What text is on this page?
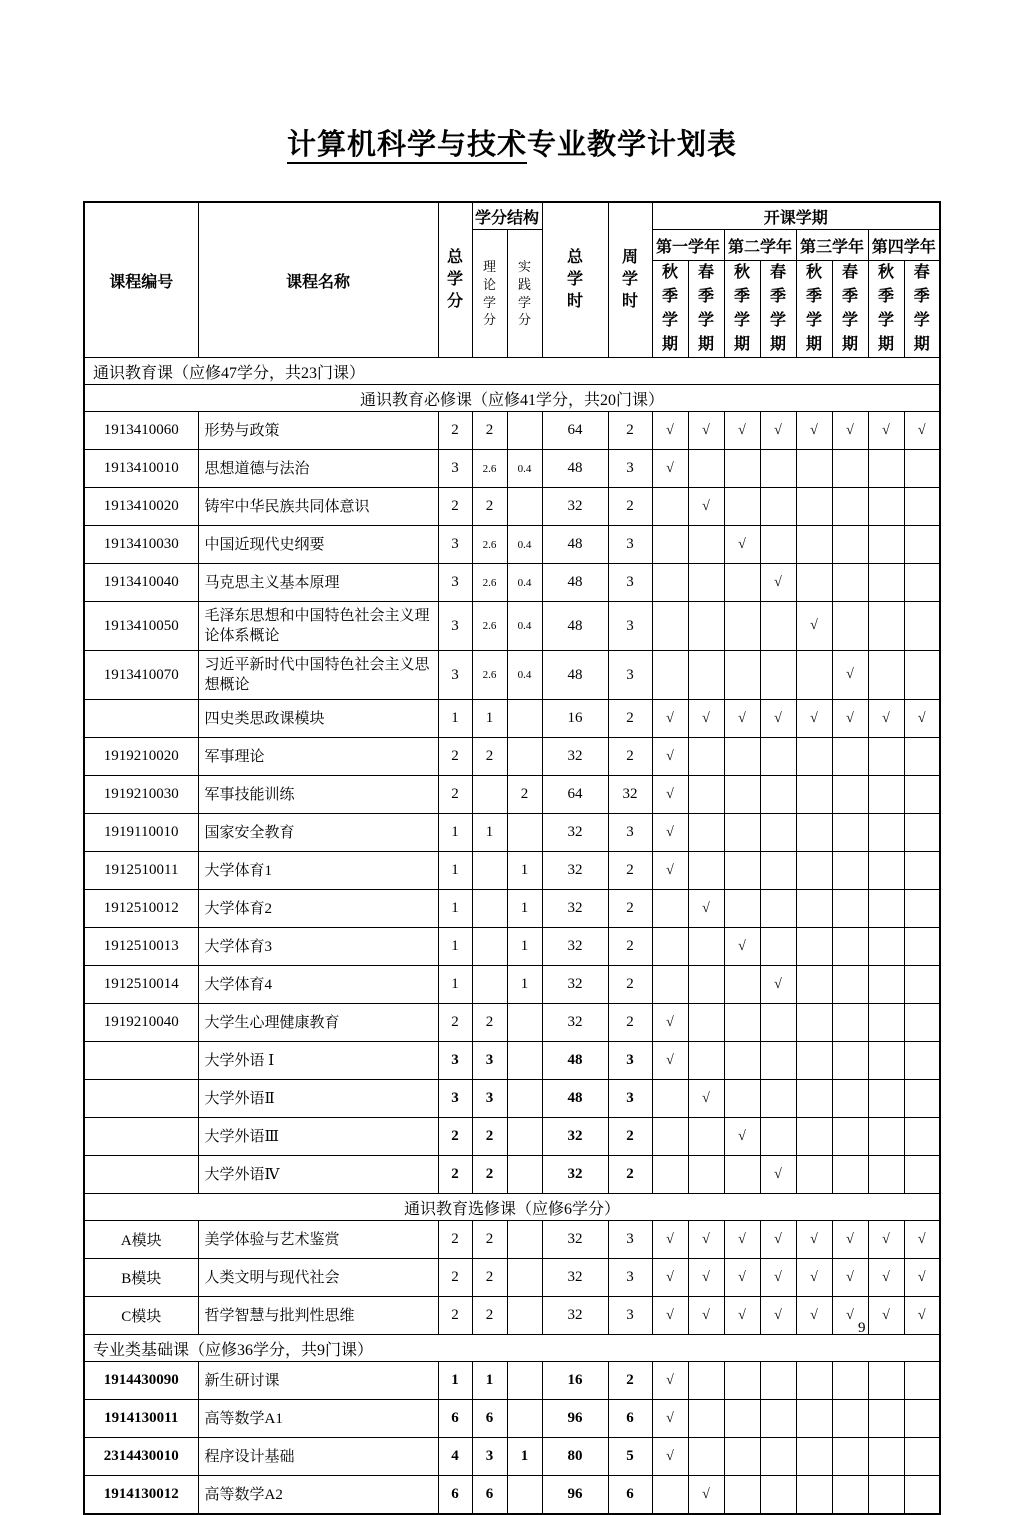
计算机科学与技术专业教学计划表
课程编号	课程名称	总学分	学分结构		总学时	周学时	开课学期							

			理论学分	实践学分			第一学年		第二学年		第三学年		第四学年	

							秋季学期	春季学期	秋季学期	春季学期	秋季学期	春季学期	秋季学期	春季学期

通识教育课（应修47学分，共23门课）														
通识教育必修课（应修41学分，共20门课）														
1913410060	形势与政策	2	2		64	2	√	√	√	√	√	√	√	√
1913410010	思想道德与法治	3	2.6	0.4	48	3	√							
1913410020	铸牢中华民族共同体意识	2	2		32	2		√						
1913410030	中国近现代史纲要	3	2.6	0.4	48	3			√					
1913410040	马克思主义基本原理	3	2.6	0.4	48	3				√				
1913410050	毛泽东思想和中国特色社会主义理论体系概论	3	2.6	0.4	48	3					√			
1913410070	习近平新时代中国特色社会主义思想概论	3	2.6	0.4	48	3						√		
	四史类思政课模块	1	1		16	2	√	√	√	√	√	√	√	√
1919210020	军事理论	2	2		32	2	√							
1919210030	军事技能训练	2		2	64	32	√							
1919110010	国家安全教育	1	1		32	3	√							
1912510011	大学体育1	1		1	32	2	√							
1912510012	大学体育2	1		1	32	2		√						
1912510013	大学体育3	1		1	32	2			√					
1912510014	大学体育4	1		1	32	2				√				
1919210040	大学生心理健康教育	2	2		32	2	√							
	大学外语 Ⅰ	3	3		48	3	√							
	大学外语Ⅱ	3	3		48	3		√						
	大学外语Ⅲ	2	2		32	2			√					
	大学外语Ⅳ	2	2		32	2				√				
通识教育选修课（应修6学分）														
A模块	美学体验与艺术鉴赏	2	2		32	3	√	√	√	√	√	√	√	√
B模块	人类文明与现代社会	2	2		32	3	√	√	√	√	√	√	√	√
C模块	哲学智慧与批判性思维	2	2		32	3	√	√	√	√	√	√	√	√
专业类基础课（应修36学分，共9门课）														
1914430090	新生研讨课	1	1		16	2	√							
1914130011	高等数学A1	6	6		96	6	√							
2314430010	程序设计基础	4	3	1	80	5	√							
1914130012	高等数学A2	6	6		96	6		√						
9
